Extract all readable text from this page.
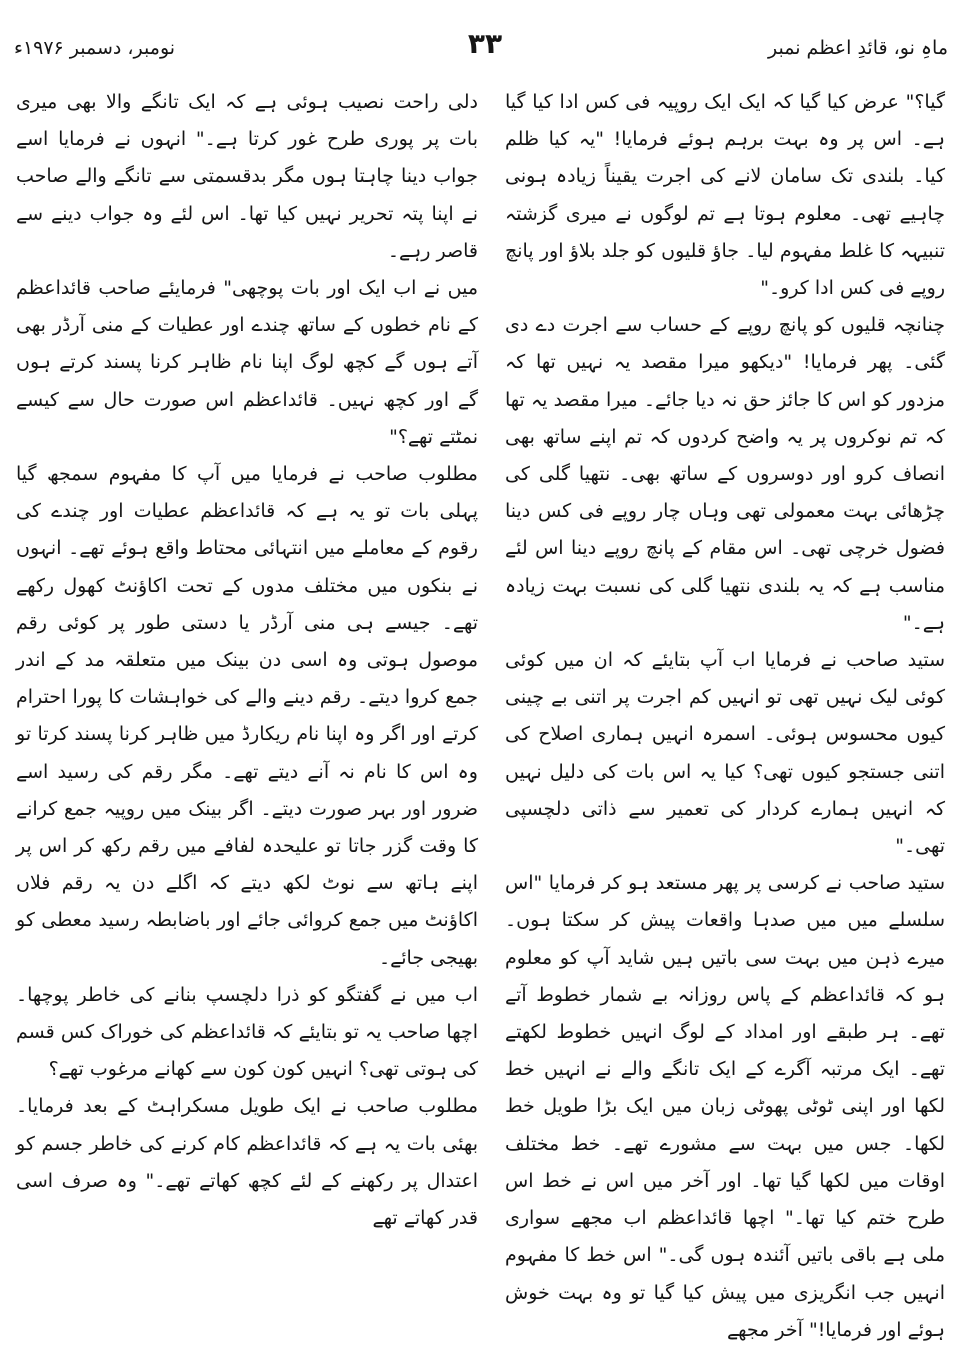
ماہِ نو، قائدِ اعظم نمبر
۳۳
نومبر، دسمبر ۱۹۷۶ء

گیا؟" عرض کیا گیا کہ ایک ایک روپیہ فی کس ادا کیا گیا ہے۔ اس پر وہ بہت برہم ہوئے فرمایا! "یہ کیا ظلم کیا۔ بلندی تک سامان لانے کی اجرت یقیناً زیادہ ہونی چاہیے تھی۔ معلوم ہوتا ہے تم لوگوں نے میری گزشتہ تنبیہہ کا غلط مفہوم لیا۔ جاؤ قلیوں کو جلد بلاؤ اور پانچ روپے فی کس ادا کرو۔"

چنانچہ قلیوں کو پانچ روپے کے حساب سے اجرت دے دی گئی۔ پھر فرمایا! "دیکھو میرا مقصد یہ نہیں تھا کہ مزدور کو اس کا جائز حق نہ دیا جائے۔ میرا مقصد یہ تھا کہ تم نوکروں پر یہ واضح کردوں کہ تم اپنے ساتھ بھی انصاف کرو اور دوسروں کے ساتھ بھی۔ نتھیا گلی کی چڑھائی بہت معمولی تھی وہاں چار روپے فی کس دینا فضول خرچی تھی۔ اس مقام کے پانچ روپے دینا اس لئے مناسب ہے کہ یہ بلندی نتھیا گلی کی نسبت بہت زیادہ ہے۔"

ستید صاحب نے فرمایا اب آپ بتایئے کہ ان میں کوئی کوئی لیک نہیں تھی تو انہیں کم اجرت پر اتنی بے چینی کیوں محسوس ہوئی۔ اسمرہ انہیں ہماری اصلاح کی اتنی جستجو کیوں تھی؟ کیا یہ اس بات کی دلیل نہیں کہ انہیں ہمارے کردار کی تعمیر سے ذاتی دلچسپی تھی۔"

ستید صاحب نے کرسی پر پھر مستعد ہو کر فرمایا "اس سلسلے میں میں صدہا واقعات پیش کر سکتا ہوں۔ میرے ذہن میں بہت سی باتیں ہیں شاید آپ کو معلوم ہو کہ قائداعظم کے پاس روزانہ بے شمار خطوط آتے تھے۔ ہر طبقے اور امداد کے لوگ انہیں خطوط لکھتے تھے۔ ایک مرتبہ آگرے کے ایک تانگے والے نے انہیں خط لکھا اور اپنی ٹوٹی پھوٹی زبان میں ایک بڑا طویل خط لکھا۔ جس میں بہت سے مشورے تھے۔ خط مختلف اوقات میں لکھا گیا تھا۔ اور آخر میں اس نے خط اس طرح ختم کیا تھا۔" اچھا قائداعظم اب مجھے سواری ملی ہے باقی باتیں آئندہ ہوں گی۔" اس خط کا مفہوم انہیں جب انگریزی میں پیش کیا گیا تو وہ بہت خوش ہوئے اور فرمایا!" آخر مجھے

دلی راحت نصیب ہوئی ہے کہ ایک تانگے والا بھی میری بات پر پوری طرح غور کرتا ہے۔" انہوں نے فرمایا اسے جواب دینا چاہتا ہوں مگر بدقسمتی سے تانگے والے صاحب نے اپنا پتہ تحریر نہیں کیا تھا۔ اس لئے وہ جواب دینے سے قاصر رہے۔

میں نے اب ایک اور بات پوچھی" فرمایئے صاحب قائداعظم کے نام خطوں کے ساتھ چندے اور عطیات کے منی آرڈر بھی آتے ہوں گے کچھ لوگ اپنا نام ظاہر کرنا پسند کرتے ہوں گے اور کچھ نہیں۔ قائداعظم اس صورت حال سے کیسے نمٹتے تھے؟"

مطلوب صاحب نے فرمایا میں آپ کا مفہوم سمجھ گیا پہلی بات تو یہ ہے کہ قائداعظم عطیات اور چندے کی رقوم کے معاملے میں انتہائی محتاط واقع ہوئے تھے۔ انہوں نے بنکوں میں مختلف مدوں کے تحت اکاؤنٹ کھول رکھے تھے۔ جیسے ہی منی آرڈر یا دستی طور پر کوئی رقم موصول ہوتی وہ اسی دن بینک میں متعلقہ مد کے اندر جمع کروا دیتے۔ رقم دینے والے کی خواہشات کا پورا احترام کرتے اور اگر وہ اپنا نام ریکارڈ میں ظاہر کرنا پسند کرتا تو وہ اس کا نام نہ آنے دیتے تھے۔ مگر رقم کی رسید اسے ضرور اور بہر صورت دیتے۔ اگر بینک میں روپیہ جمع کرانے کا وقت گزر جاتا تو علیحدہ لفافے میں رقم رکھ کر اس پر اپنے ہاتھ سے نوٹ لکھ دیتے کہ اگلے دن یہ رقم فلاں اکاؤنٹ میں جمع کروائی جائے اور باضابطہ رسید معطی کو بھیجی جائے۔

اب میں نے گفتگو کو ذرا دلچسپ بنانے کی خاطر پوچھا۔ اچھا صاحب یہ تو بتایئے کہ قائداعظم کی خوراک کس قسم کی ہوتی تھی؟ انہیں کون کون سے کھانے مرغوب تھے؟

مطلوب صاحب نے ایک طویل مسکراہٹ کے بعد فرمایا۔ بھئی بات یہ ہے کہ قائداعظم کام کرنے کی خاطر جسم کو اعتدال پر رکھنے کے لئے کچھ کھاتے تھے۔" وہ صرف اسی قدر کھاتے تھے
